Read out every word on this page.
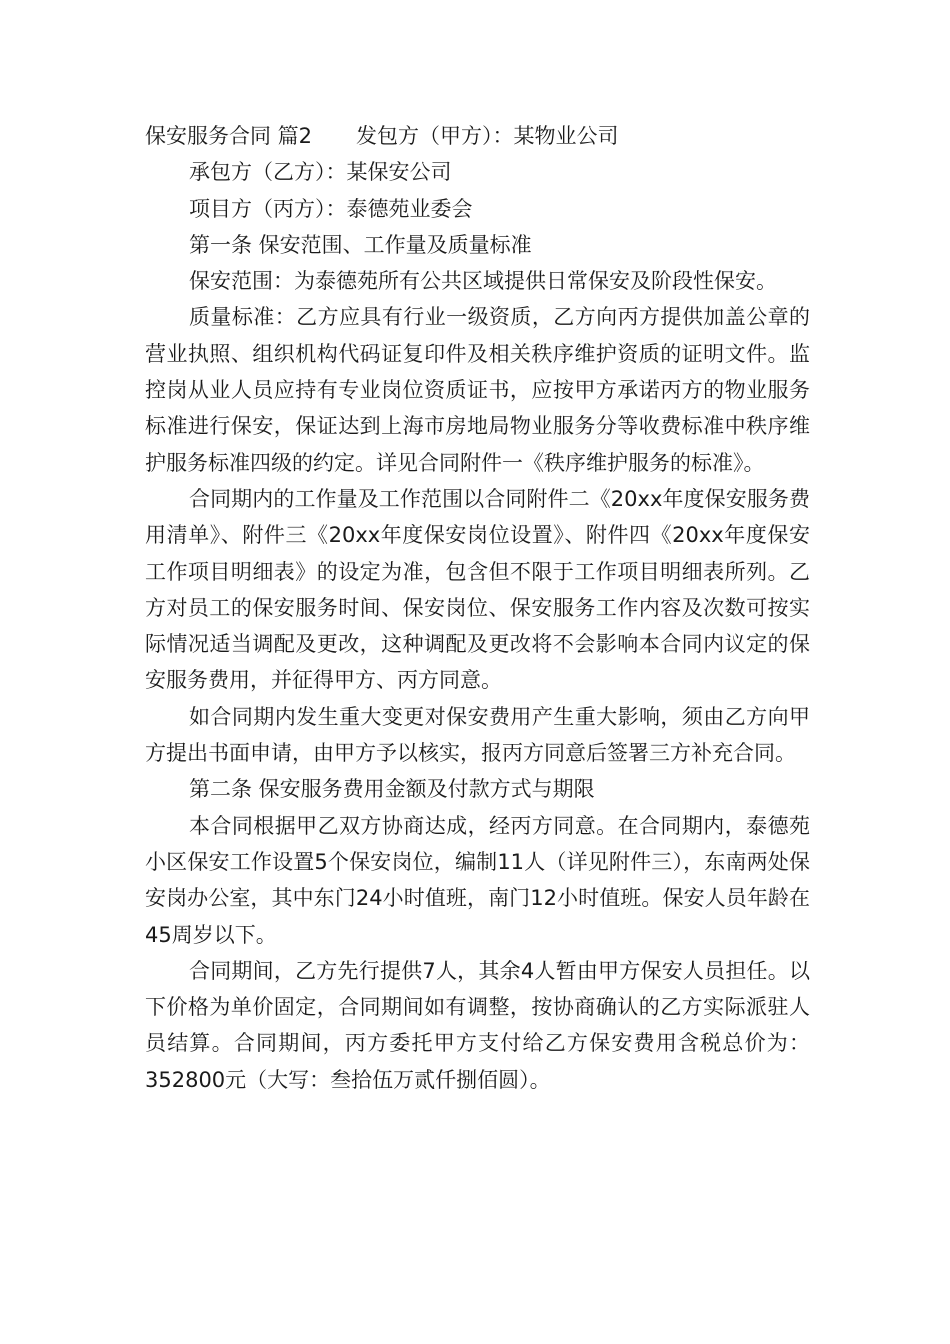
保安服务合同 篇2 发包方（甲方）：某物业公司

承包方（乙方）：某保安公司

项目方（丙方）：泰德苑业委会

第一条 保安范围、工作量及质量标准

保安范围：为泰德苑所有公共区域提供日常保安及阶段性保安。

质量标准：乙方应具有行业一级资质，乙方向丙方提供加盖公章的营业执照、组织机构代码证复印件及相关秩序维护资质的证明文件。监控岗从业人员应持有专业岗位资质证书，应按甲方承诺丙方的物业服务标准进行保安，保证达到上海市房地局物业服务分等收费标准中秩序维护服务标准四级的约定。详见合同附件一《秩序维护服务的标准》。

合同期内的工作量及工作范围以合同附件二《20xx年度保安服务费用清单》、附件三《20xx年度保安岗位设置》、附件四《20xx年度保安工作项目明细表》的设定为准，包含但不限于工作项目明细表所列。乙方对员工的保安服务时间、保安岗位、保安服务工作内容及次数可按实际情况适当调配及更改，这种调配及更改将不会影响本合同内议定的保安服务费用，并征得甲方、丙方同意。

如合同期内发生重大变更对保安费用产生重大影响，须由乙方向甲方提出书面申请，由甲方予以核实，报丙方同意后签署三方补充合同。

第二条 保安服务费用金额及付款方式与期限

本合同根据甲乙双方协商达成，经丙方同意。在合同期内，泰德苑小区保安工作设置5个保安岗位，编制11人（详见附件三），东南两处保安岗办公室，其中东门24小时值班，南门12小时值班。保安人员年龄在45周岁以下。

合同期间，乙方先行提供7人，其余4人暂由甲方保安人员担任。以下价格为单价固定，合同期间如有调整，按协商确认的乙方实际派驻人员结算。合同期间，丙方委托甲方支付给乙方保安费用含税总价为：352800元（大写：叁拾伍万贰仟捌佰圆）。
